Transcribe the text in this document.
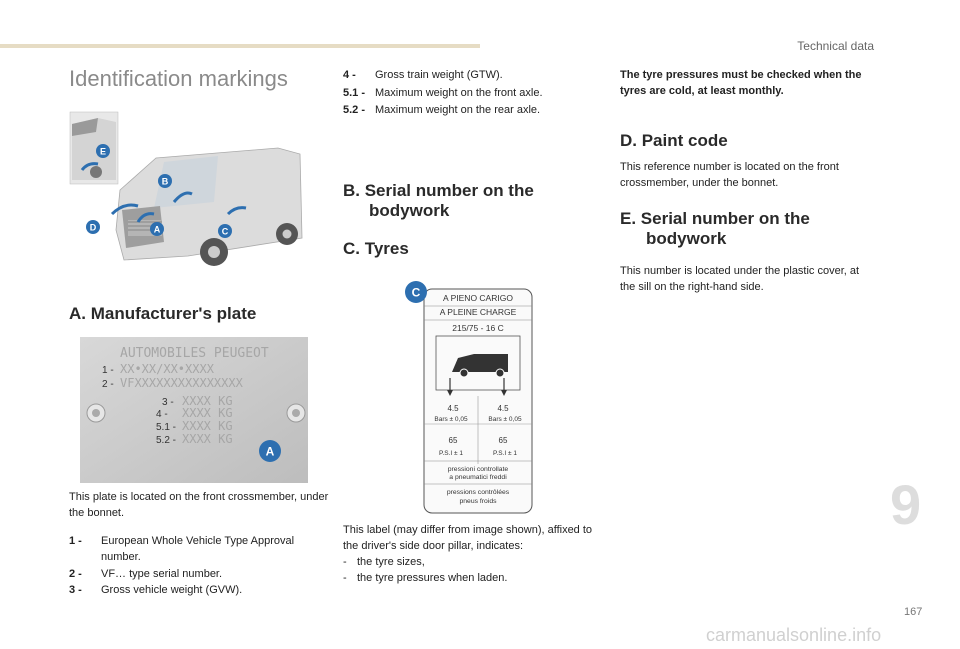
Technical data
Identification markings
E
B
D	A	C
A. Manufacturer's plate
AUTOMOBILES PEUGEOT
1 - XX•XX/XX•XXXX
2 - VFXXXXXXXXXXXXXXX
3 - XXXX KG
4 - XXXX KG
5.1 - XXXX KG
5.2 - XXXX KG
A
This plate is located on the front crossmember, under the bonnet.
1 - European Whole Vehicle Type Approval number.
2 - VF… type serial number.
3 - Gross vehicle weight (GVW).
4 - Gross train weight (GTW).
5.1 - Maximum weight on the front axle.
5.2 - Maximum weight on the rear axle.
B. Serial number on the
bodywork
C. Tyres
A PIENO CARIGO
A PLEINE CHARGE
215/75 - 16 C
4.5	4.5
Bars ± 0,05	Bars ± 0,05
65	65
P.S.I ± 1	P.S.I ± 1
pressioni controllate
a pneumatici freddi
pressions contrôlées
pneus froids
C
This label (may differ from image shown), affixed to the driver's side door pillar, indicates:
- the tyre sizes,
- the tyre pressures when laden.
The tyre pressures must be checked when the tyres are cold, at least monthly.
D. Paint code
This reference number is located on the front crossmember, under the bonnet.
E. Serial number on the
bodywork
This number is located under the plastic cover, at the sill on the right-hand side.
9
167
carmanualsonline.info
